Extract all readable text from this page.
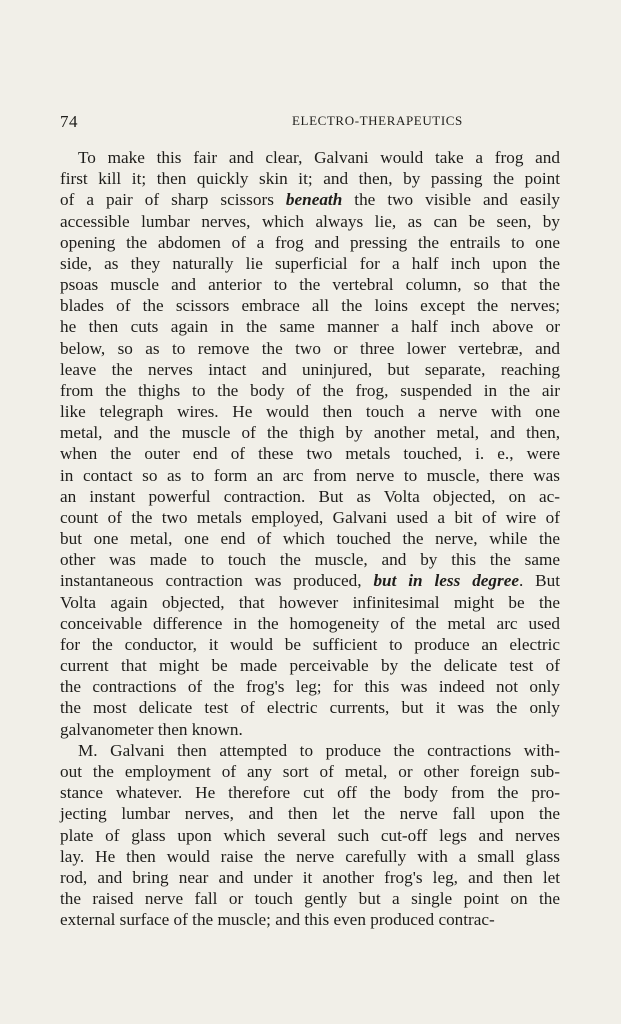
74	ELECTRO-THERAPEUTICS
To make this fair and clear, Galvani would take a frog and
first kill it; then quickly skin it; and then, by passing the point
of a pair of sharp scissors beneath the two visible and easily
accessible lumbar nerves, which always lie, as can be seen, by
opening the abdomen of a frog and pressing the entrails to one
side, as they naturally lie superficial for a half inch upon the
psoas muscle and anterior to the vertebral column, so that the
blades of the scissors embrace all the loins except the nerves;
he then cuts again in the same manner a half inch above or
below, so as to remove the two or three lower vertebræ, and
leave the nerves intact and uninjured, but separate, reaching
from the thighs to the body of the frog, suspended in the air
like telegraph wires. He would then touch a nerve with one
metal, and the muscle of the thigh by another metal, and then,
when the outer end of these two metals touched, i. e., were
in contact so as to form an arc from nerve to muscle, there was
an instant powerful contraction. But as Volta objected, on ac-
count of the two metals employed, Galvani used a bit of wire of
but one metal, one end of which touched the nerve, while the
other was made to touch the muscle, and by this the same
instantaneous contraction was produced, but in less degree. But
Volta again objected, that however infinitesimal might be the
conceivable difference in the homogeneity of the metal arc used
for the conductor, it would be sufficient to produce an electric
current that might be made perceivable by the delicate test of
the contractions of the frog's leg; for this was indeed not only
the most delicate test of electric currents, but it was the only
galvanometer then known.
M. Galvani then attempted to produce the contractions with-
out the employment of any sort of metal, or other foreign sub-
stance whatever. He therefore cut off the body from the pro-
jecting lumbar nerves, and then let the nerve fall upon the
plate of glass upon which several such cut-off legs and nerves
lay. He then would raise the nerve carefully with a small glass
rod, and bring near and under it another frog's leg, and then let
the raised nerve fall or touch gently but a single point on the
external surface of the muscle; and this even produced contrac-
